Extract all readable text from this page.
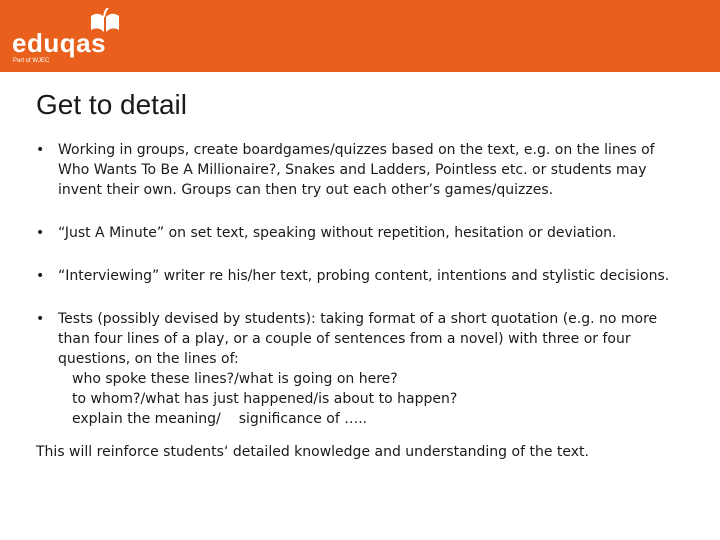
eduqas
Part of WJEC
Get to detail
• Working in groups, create boardgames/quizzes based on the text, e.g. on the lines of Who Wants To Be A Millionaire?, Snakes and Ladders, Pointless etc. or students may invent their own. Groups can then try out each other’s games/quizzes.
• “Just A Minute” on set text, speaking without repetition, hesitation or deviation.
• “Interviewing” writer re his/her text, probing content, intentions and stylistic decisions.
• Tests (possibly devised by students): taking format of a short quotation (e.g. no more than four lines of a play, or a couple of sentences from a novel) with three or four questions, on the lines of:
who spoke these lines?/what is going on here?
to whom?/what has just happened/is about to happen?
explain the meaning/ significance of …..

This will reinforce students‘ detailed knowledge and understanding of the text.
